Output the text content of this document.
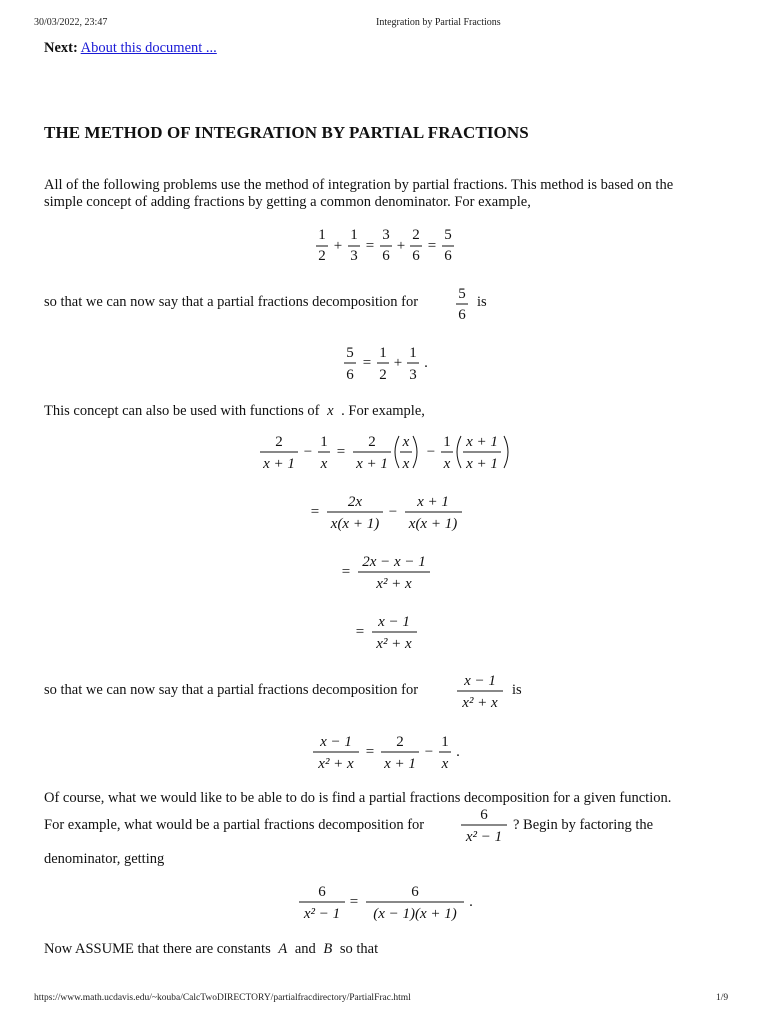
30/03/2022, 23:47	Integration by Partial Fractions
Next: About this document ...
THE METHOD OF INTEGRATION BY PARTIAL FRACTIONS
All of the following problems use the method of integration by partial fractions. This method is based on the
simple concept of adding fractions by getting a common denominator. For example,
1
2
+
1
3
=
3
6
+
2
6
=
5
6
so that we can now say that a partial fractions decomposition for	5
6
is
5
6
=
1
2
+
1
3
.
This concept can also be used with functions of x . For example,
2
x + 1
−
1
x
=
2
x + 1
x
x
−
1
x
x + 1
x + 1
=
2x
x(x + 1)
−
x + 1
x(x + 1)
=
2x − x − 1
x² + x
=
x − 1
x² + x
so that we can now say that a partial fractions decomposition for
x − 1
x² + x
is
x − 1
x² + x
=
2
x + 1
−
1
x
.
Of course, what we would like to be able to do is find a partial fractions decomposition for a given function.
For example, what would be a partial fractions decomposition for
6
x² − 1
? Begin by factoring the
denominator, getting
6
x² − 1
=
6
(x − 1)(x + 1)
.
Now ASSUME that there are constants A and B so that
https://www.math.ucdavis.edu/~kouba/CalcTwoDIRECTORY/partialfracdirectory/PartialFrac.html	1/9
